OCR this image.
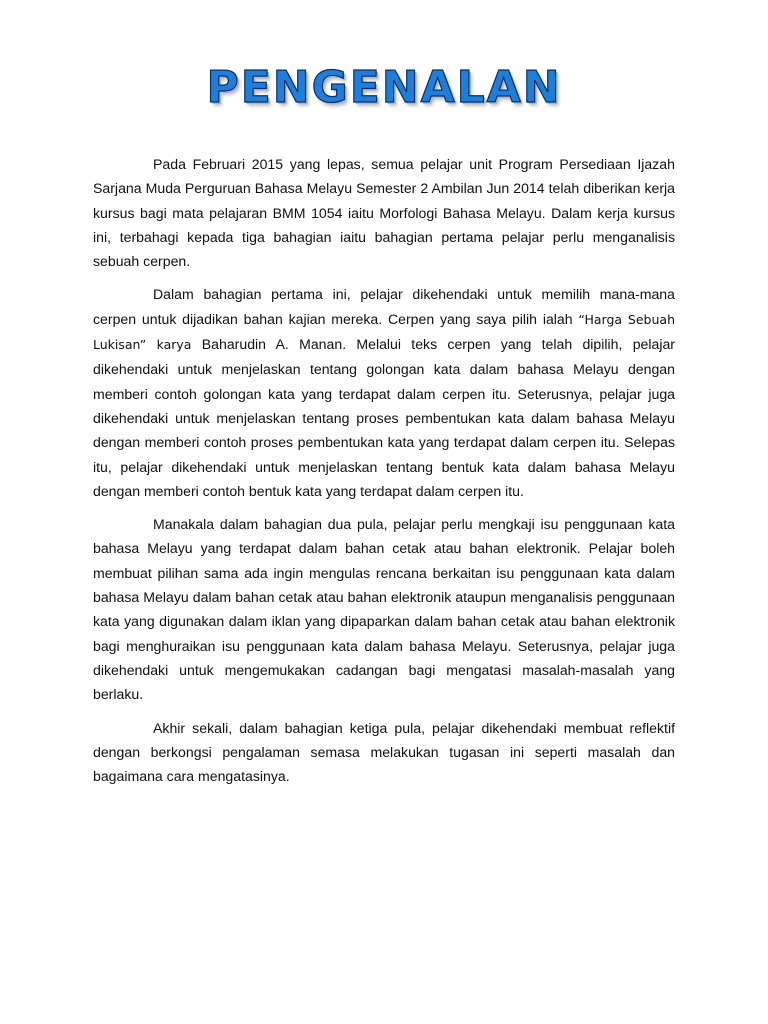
PENGENALAN

Pada Februari 2015 yang lepas, semua pelajar unit Program Persediaan Ijazah Sarjana Muda Perguruan Bahasa Melayu Semester 2 Ambilan Jun 2014 telah diberikan kerja kursus bagi mata pelajaran BMM 1054 iaitu Morfologi Bahasa Melayu. Dalam kerja kursus ini, terbahagi kepada tiga bahagian iaitu bahagian pertama pelajar perlu menganalisis sebuah cerpen.

Dalam bahagian pertama ini, pelajar dikehendaki untuk memilih mana-mana cerpen untuk dijadikan bahan kajian mereka. Cerpen yang saya pilih ialah “Harga Sebuah Lukisan” karya Baharudin A. Manan. Melalui teks cerpen yang telah dipilih, pelajar dikehendaki untuk menjelaskan tentang golongan kata dalam bahasa Melayu dengan memberi contoh golongan kata yang terdapat dalam cerpen itu. Seterusnya, pelajar juga dikehendaki untuk menjelaskan tentang proses pembentukan kata dalam bahasa Melayu dengan memberi contoh proses pembentukan kata yang terdapat dalam cerpen itu. Selepas itu, pelajar dikehendaki untuk menjelaskan tentang bentuk kata dalam bahasa Melayu dengan memberi contoh bentuk kata yang terdapat dalam cerpen itu.

Manakala dalam bahagian dua pula, pelajar perlu mengkaji isu penggunaan kata bahasa Melayu yang terdapat dalam bahan cetak atau bahan elektronik. Pelajar boleh membuat pilihan sama ada ingin mengulas rencana berkaitan isu penggunaan kata dalam bahasa Melayu dalam bahan cetak atau bahan elektronik ataupun menganalisis penggunaan kata yang digunakan dalam iklan yang dipaparkan dalam bahan cetak atau bahan elektronik bagi menghuraikan isu penggunaan kata dalam bahasa Melayu. Seterusnya, pelajar juga dikehendaki untuk mengemukakan cadangan bagi mengatasi masalah-masalah yang berlaku.

Akhir sekali, dalam bahagian ketiga pula, pelajar dikehendaki membuat reflektif dengan berkongsi pengalaman semasa melakukan tugasan ini seperti masalah dan bagaimana cara mengatasinya.
